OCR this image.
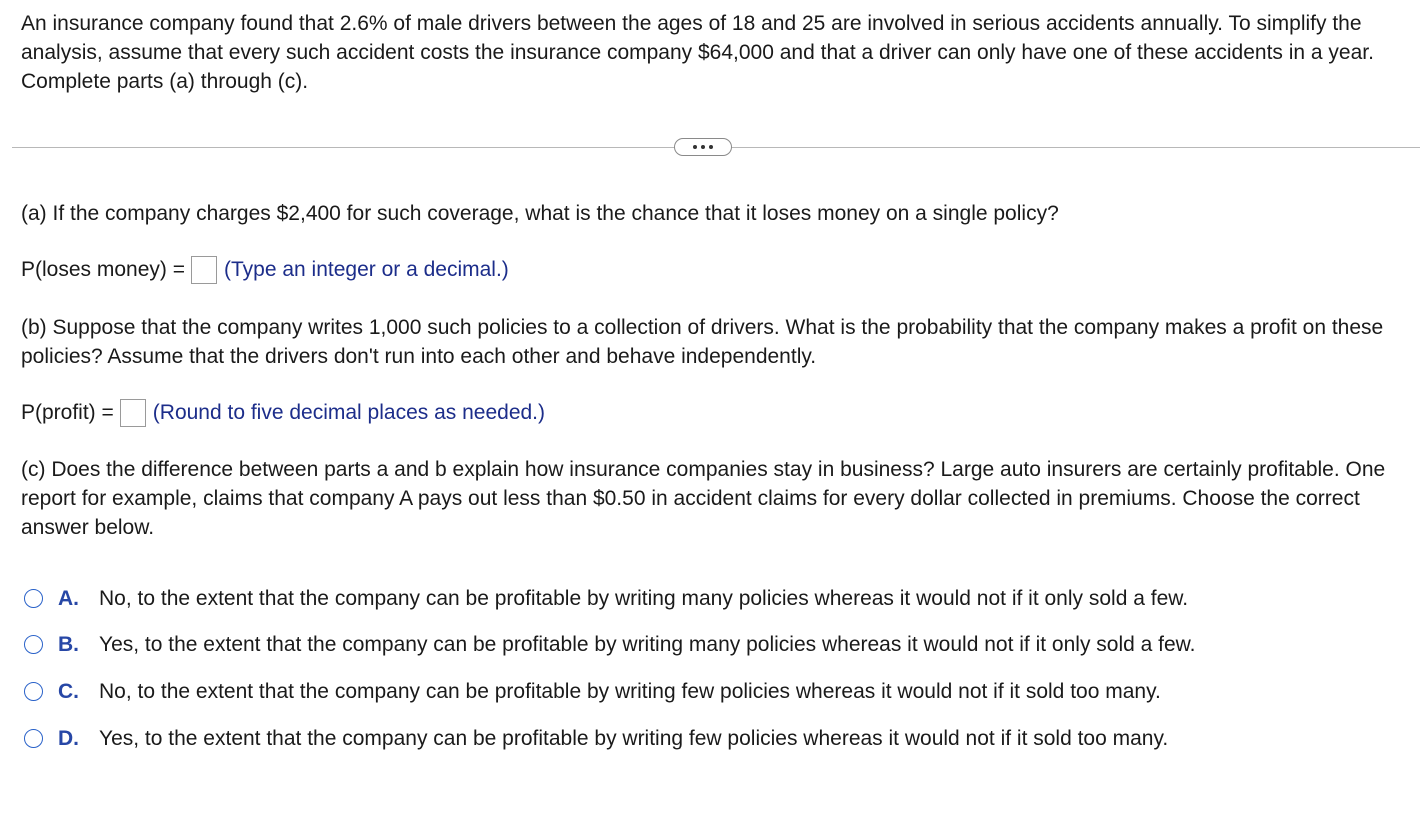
An insurance company found that 2.6% of male drivers between the ages of 18 and 25 are involved in serious accidents annually. To simplify the analysis, assume that every such accident costs the insurance company $64,000 and that a driver can only have one of these accidents in a year. Complete parts (a) through (c).

(a) If the company charges $2,400 for such coverage, what is the chance that it loses money on a single policy?

P(loses money) = (Type an integer or a decimal.)

(b) Suppose that the company writes 1,000 such policies to a collection of drivers. What is the probability that the company makes a profit on these policies? Assume that the drivers don't run into each other and behave independently.

P(profit) = (Round to five decimal places as needed.)

(c) Does the difference between parts a and b explain how insurance companies stay in business? Large auto insurers are certainly profitable. One report for example, claims that company A pays out less than $0.50 in accident claims for every dollar collected in premiums. Choose the correct answer below.

A. No, to the extent that the company can be profitable by writing many policies whereas it would not if it only sold a few.
B. Yes, to the extent that the company can be profitable by writing many policies whereas it would not if it only sold a few.
C. No, to the extent that the company can be profitable by writing few policies whereas it would not if it sold too many.
D. Yes, to the extent that the company can be profitable by writing few policies whereas it would not if it sold too many.
